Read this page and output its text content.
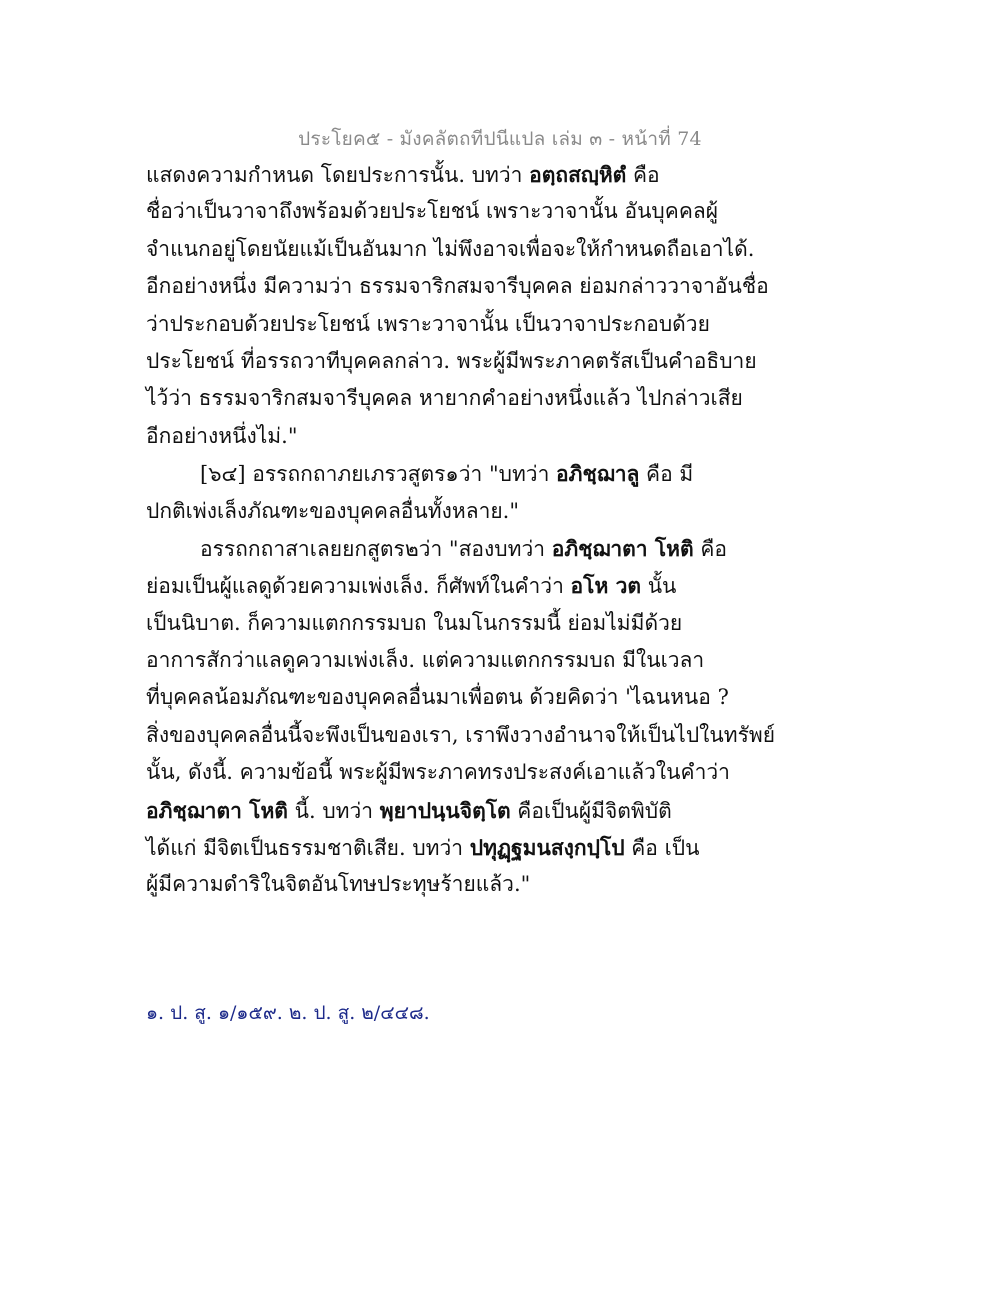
ประโยค๕ - มังคลัตถทีปนีแปล เล่ม ๓ - หน้าที่ 74
แสดงความกำหนด โดยประการนั้น. บทว่า อตฺถสญฺหิตํ คือ
ชื่อว่าเป็นวาจาถึงพร้อมด้วยประโยชน์ เพราะวาจานั้น อันบุคคลผู้
จำแนกอยู่โดยนัยแม้เป็นอันมาก ไม่พึงอาจเพื่อจะให้กำหนดถือเอาได้.
อีกอย่างหนึ่ง มีความว่า ธรรมจาริกสมจารีบุคคล ย่อมกล่าววาจาอันชื่อ
ว่าประกอบด้วยประโยชน์ เพราะวาจานั้น เป็นวาจาประกอบด้วย
ประโยชน์ ที่อรรถวาทีบุคคลกล่าว. พระผู้มีพระภาคตรัสเป็นคำอธิบาย
ไว้ว่า ธรรมจาริกสมจารีบุคคล หายากคำอย่างหนึ่งแล้ว ไปกล่าวเสีย
อีกอย่างหนึ่งไม่."
[๖๔] อรรถกถาภยเภรวสูตร๑ว่า "บทว่า อภิชฺฌาลู คือ มี
ปกติเพ่งเล็งภัณฑะของบุคคลอื่นทั้งหลาย."
อรรถกถาสาเลยยกสูตร๒ว่า "สองบทว่า อภิชฺฌาตา โหติ คือ
ย่อมเป็นผู้แลดูด้วยความเพ่งเล็ง. ก็ศัพท์ในคำว่า อโห วต นั้น
เป็นนิบาต. ก็ความแตกกรรมบถ ในมโนกรรมนี้ ย่อมไม่มีด้วย
อาการสักว่าแลดูความเพ่งเล็ง. แต่ความแตกกรรมบถ มีในเวลา
ที่บุคคลน้อมภัณฑะของบุคคลอื่นมาเพื่อตน ด้วยคิดว่า 'ไฉนหนอ ?
สิ่งของบุคคลอื่นนี้จะพึงเป็นของเรา, เราพึงวางอำนาจให้เป็นไปในทรัพย์
นั้น, ดังนี้. ความข้อนี้ พระผู้มีพระภาคทรงประสงค์เอาแล้วในคำว่า
อภิชฺฌาตา โหติ นี้. บทว่า พฺยาปนฺนจิตฺโต คือเป็นผู้มีจิตพิบัติ
ได้แก่ มีจิตเป็นธรรมชาติเสีย. บทว่า ปทุฏฺฐมนสงฺกปฺโป คือ เป็น
ผู้มีความดำริในจิตอันโทษประทุษร้ายแล้ว."
๑. ป. สู. ๑/๑๕๙. ๒. ป. สู. ๒/๔๔๘.
